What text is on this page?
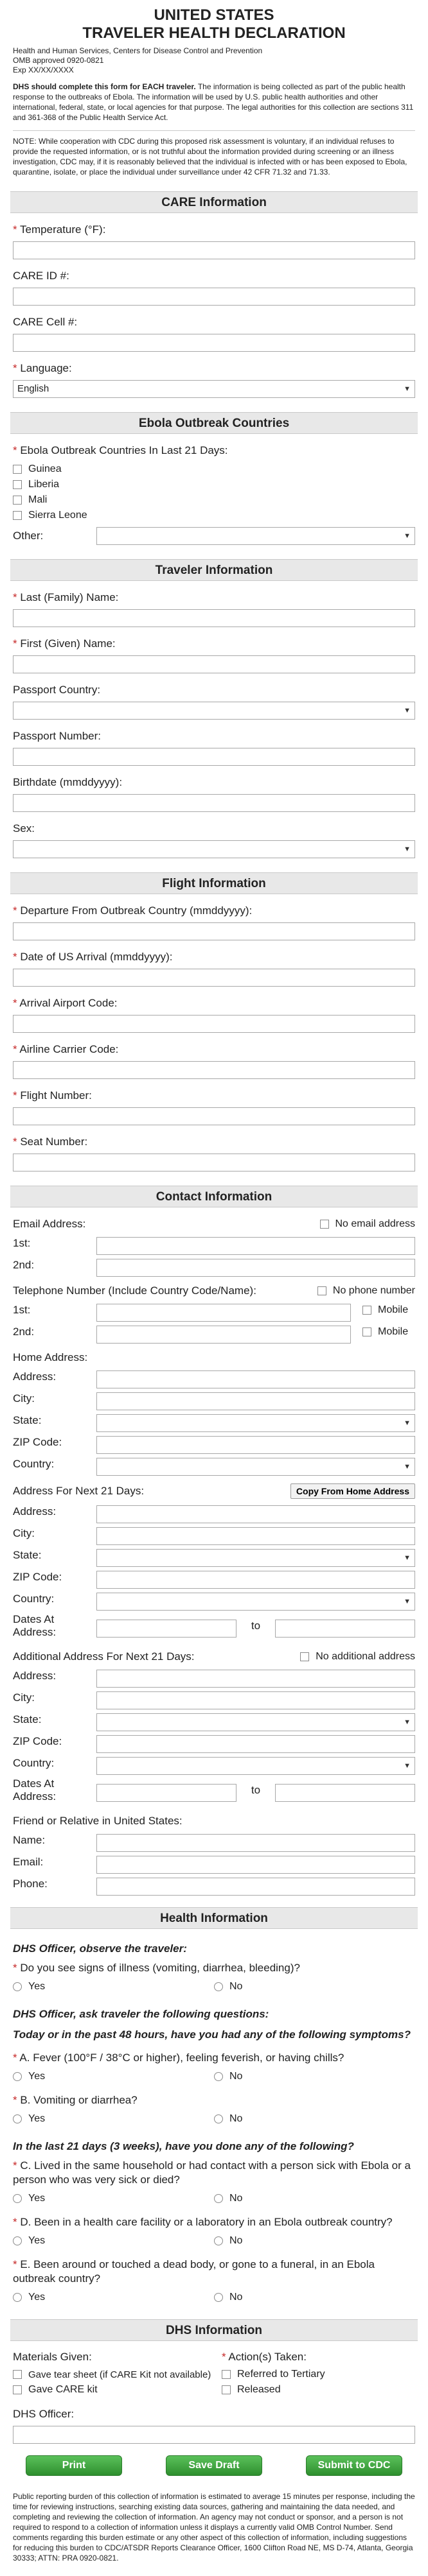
UNITED STATES
TRAVELER HEALTH DECLARATION
Health and Human Services, Centers for Disease Control and Prevention
OMB approved 0920-0821
Exp XX/XX/XXXX
DHS should complete this form for EACH traveler. The information is being collected as part of the public health response to the outbreaks of Ebola. The information will be used by U.S. public health authorities and other international, federal, state, or local agencies for that purpose. The legal authorities for this collection are sections 311 and 361-368 of the Public Health Service Act.
NOTE: While cooperation with CDC during this proposed risk assessment is voluntary, if an individual refuses to provide the requested information, or is not truthful about the information provided during screening or an illness investigation, CDC may, if it is reasonably believed that the individual is infected with or has been exposed to Ebola, quarantine, isolate, or place the individual under surveillance under 42 CFR 71.32 and 71.33.
CARE Information
* Temperature (°F):
CARE ID #:
CARE Cell #:
* Language:
English	▼
Ebola Outbreak Countries
* Ebola Outbreak Countries In Last 21 Days:
Guinea
Liberia
Mali
Sierra Leone
Other:	▼
Traveler Information
* Last (Family) Name:
* First (Given) Name:
Passport Country:
▼
Passport Number:
Birthdate (mmddyyyy):
Sex:
▼
Flight Information
* Departure From Outbreak Country (mmddyyyy):
* Date of US Arrival (mmddyyyy):
* Arrival Airport Code:
* Airline Carrier Code:
* Flight Number:
* Seat Number:
Contact Information
Email Address:	No email address
1st:
2nd:
Telephone Number (Include Country Code/Name):	No phone number
1st:	Mobile
2nd:	Mobile
Home Address:
Address:
City:
State:	▼
ZIP Code:
Country:	▼
Address For Next 21 Days:	Copy From Home Address
Address:
City:
State:	▼
ZIP Code:
Country:	▼
Dates At Address:
to
Additional Address For Next 21 Days:	No additional address
Address:
City:
State:	▼
ZIP Code:
Country:	▼
Dates At Address:
to
Friend or Relative in United States:
Name:
Email:
Phone:
Health Information
DHS Officer, observe the traveler:
* Do you see signs of illness (vomiting, diarrhea, bleeding)?
Yes	No
DHS Officer, ask traveler the following questions:
Today or in the past 48 hours, have you had any of the following symptoms?
* A. Fever (100°F / 38°C or higher), feeling feverish, or having chills?
Yes	No
* B. Vomiting or diarrhea?
Yes	No
In the last 21 days (3 weeks), have you done any of the following?
* C. Lived in the same household or had contact with a person sick with Ebola or a person who was very sick or died?
Yes	No
* D. Been in a health care facility or a laboratory in an Ebola outbreak country?
Yes	No
* E. Been around or touched a dead body, or gone to a funeral, in an Ebola outbreak country?
Yes	No
DHS Information
Materials Given:
Gave tear sheet (if CARE Kit not available)
Gave CARE kit
* Action(s) Taken:
Referred to Tertiary
Released
DHS Officer:
Print	Save Draft	Submit to CDC
Public reporting burden of this collection of information is estimated to average 15 minutes per response, including the time for reviewing instructions, searching existing data sources, gathering and maintaining the data needed, and completing and reviewing the collection of information. An agency may not conduct or sponsor, and a person is not required to respond to a collection of information unless it displays a currently valid OMB Control Number. Send comments regarding this burden estimate or any other aspect of this collection of information, including suggestions for reducing this burden to CDC/ATSDR Reports Clearance Officer, 1600 Clifton Road NE, MS D-74, Atlanta, Georgia 30333; ATTN: PRA 0920-0821.
